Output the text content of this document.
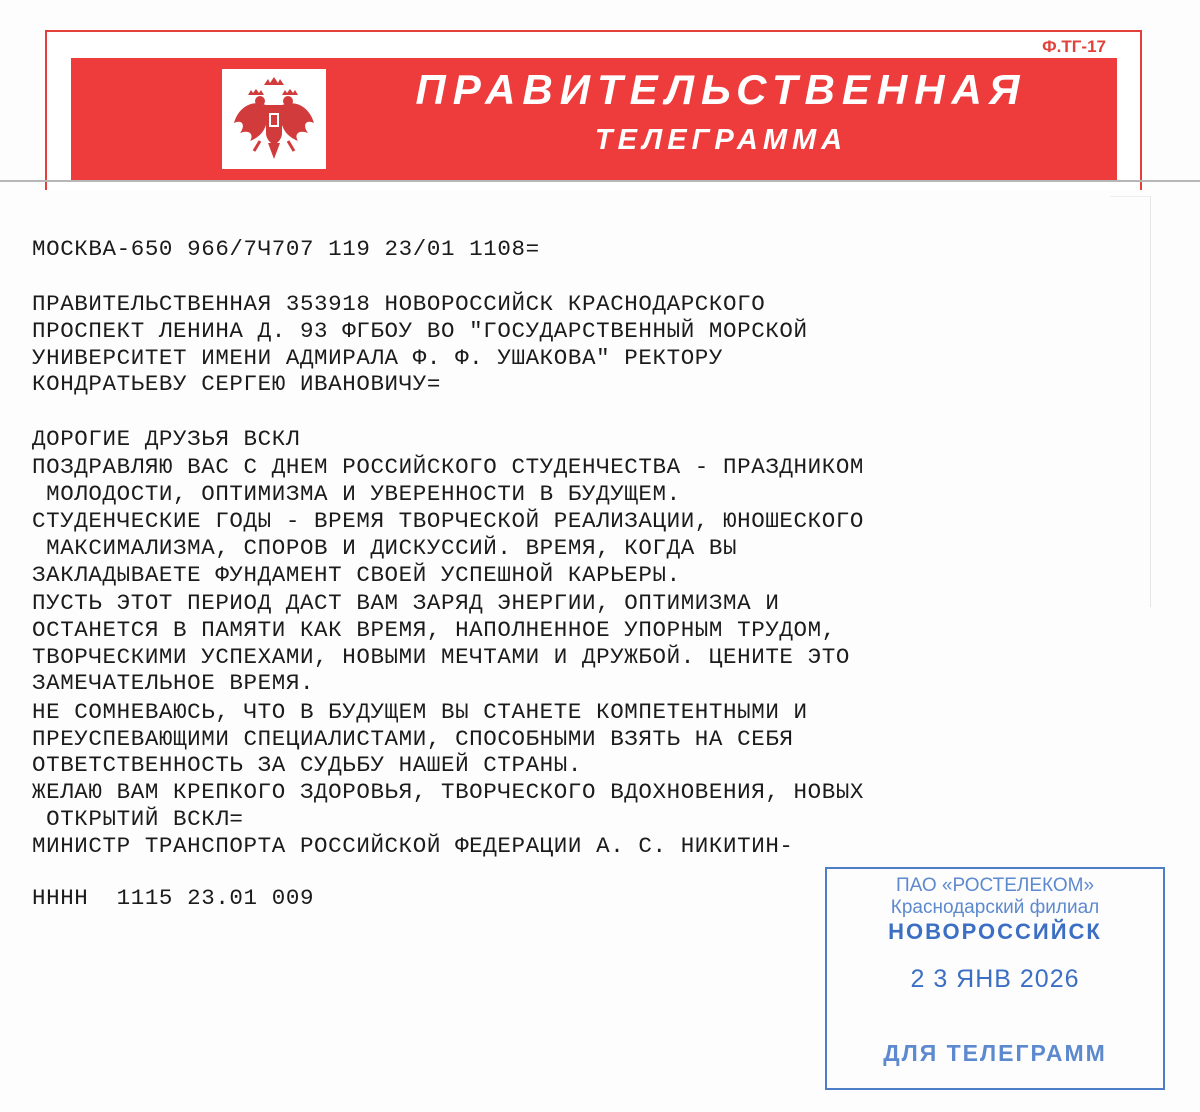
Ф.ТГ-17
ПРАВИТЕЛЬСТВЕННАЯ
ТЕЛЕГРАММА
МОСКВА-650 966/7Ч707 119 23/01 1108=
ПРАВИТЕЛЬСТВЕННАЯ 353918 НОВОРОССИЙСК КРАСНОДАРСКОГО
ПРОСПЕКТ ЛЕНИНА Д. 93 ФГБОУ ВО "ГОСУДАРСТВЕННЫЙ МОРСКОЙ
УНИВЕРСИТЕТ ИМЕНИ АДМИРАЛА Ф. Ф. УШАКОВА" РЕКТОРУ
КОНДРАТЬЕВУ СЕРГЕЮ ИВАНОВИЧУ=
ДОРОГИЕ ДРУЗЬЯ ВСКЛ
ПОЗДРАВЛЯЮ ВАС С ДНЕМ РОССИЙСКОГО СТУДЕНЧЕСТВА - ПРАЗДНИКОМ
МОЛОДОСТИ, ОПТИМИЗМА И УВЕРЕННОСТИ В БУДУЩЕМ.
СТУДЕНЧЕСКИЕ ГОДЫ - ВРЕМЯ ТВОРЧЕСКОЙ РЕАЛИЗАЦИИ, ЮНОШЕСКОГО
МАКСИМАЛИЗМА, СПОРОВ И ДИСКУССИЙ. ВРЕМЯ, КОГДА ВЫ
ЗАКЛАДЫВАЕТЕ ФУНДАМЕНТ СВОЕЙ УСПЕШНОЙ КАРЬЕРЫ.
ПУСТЬ ЭТОТ ПЕРИОД ДАСТ ВАМ ЗАРЯД ЭНЕРГИИ, ОПТИМИЗМА И
ОСТАНЕТСЯ В ПАМЯТИ КАК ВРЕМЯ, НАПОЛНЕННОЕ УПОРНЫМ ТРУДОМ,
ТВОРЧЕСКИМИ УСПЕХАМИ, НОВЫМИ МЕЧТАМИ И ДРУЖБОЙ. ЦЕНИТЕ ЭТО
ЗАМЕЧАТЕЛЬНОЕ ВРЕМЯ.
НЕ СОМНЕВАЮСЬ, ЧТО В БУДУЩЕМ ВЫ СТАНЕТЕ КОМПЕТЕНТНЫМИ И
ПРЕУСПЕВАЮЩИМИ СПЕЦИАЛИСТАМИ, СПОСОБНЫМИ ВЗЯТЬ НА СЕБЯ
ОТВЕТСТВЕННОСТЬ ЗА СУДЬБУ НАШЕЙ СТРАНЫ.
ЖЕЛАЮ ВАМ КРЕПКОГО ЗДОРОВЬЯ, ТВОРЧЕСКОГО ВДОХНОВЕНИЯ, НОВЫХ
ОТКРЫТИЙ ВСКЛ=
МИНИСТР ТРАНСПОРТА РОССИЙСКОЙ ФЕДЕРАЦИИ А. С. НИКИТИН-
НННН  1115 23.01 009	ПАО «РОСТЕЛЕКОМ»
Краснодарский филиал
НОВОРОССИЙСК
2 3 ЯНВ 2026
ДЛЯ ТЕЛЕГРАММ
